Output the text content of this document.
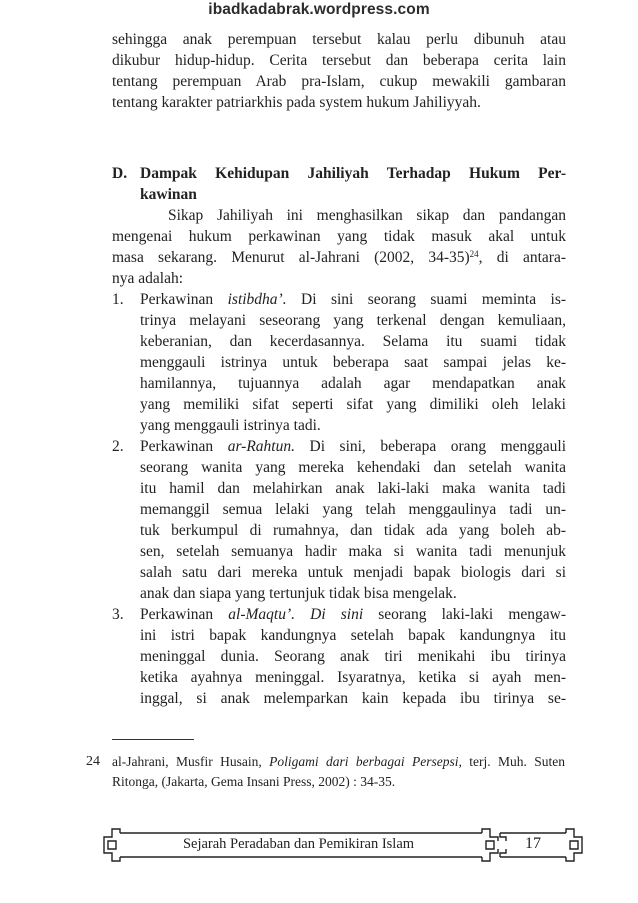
ibadkadabrak.wordpress.com
sehingga anak perempuan tersebut kalau perlu dibunuh atau
dikubur hidup-hidup. Cerita tersebut dan beberapa cerita lain
tentang perempuan Arab pra-Islam, cukup mewakili gambaran
tentang karakter patriarkhis pada system hukum Jahiliyyah.
D. Dampak Kehidupan Jahiliyah Terhadap Hukum Per-
kawinan
Sikap Jahiliyah ini menghasilkan sikap dan pandangan
mengenai hukum perkawinan yang tidak masuk akal untuk
masa sekarang. Menurut al-Jahrani (2002, 34-35)$^{24}$, di antara-
nya adalah:
1. Perkawinan istibdha’. Di sini seorang suami meminta is-
trinya melayani seseorang yang terkenal dengan kemuliaan,
keberanian, dan kecerdasannya. Selama itu suami tidak
menggauli istrinya untuk beberapa saat sampai jelas ke-
hamilannya, tujuannya adalah agar mendapatkan anak
yang memiliki sifat seperti sifat yang dimiliki oleh lelaki
yang menggauli istrinya tadi.
2. Perkawinan ar-Rahtun. Di sini, beberapa orang menggauli
seorang wanita yang mereka kehendaki dan setelah wanita
itu hamil dan melahirkan anak laki-laki maka wanita tadi
memanggil semua lelaki yang telah menggaulinya tadi un-
tuk berkumpul di rumahnya, dan tidak ada yang boleh ab-
sen, setelah semuanya hadir maka si wanita tadi menunjuk
salah satu dari mereka untuk menjadi bapak biologis dari si
anak dan siapa yang tertunjuk tidak bisa mengelak.
3. Perkawinan al-Maqtu’. Di sini seorang laki-laki mengaw-
ini istri bapak kandungnya setelah bapak kandungnya itu
meninggal dunia. Seorang anak tiri menikahi ibu tirinya
ketika ayahnya meninggal. Isyaratnya, ketika si ayah men-
inggal, si anak melemparkan kain kepada ibu tirinya se-
24 al-Jahrani, Musfir Husain, Poligami dari berbagai Persepsi, terj. Muh. Suten
Ritonga, (Jakarta, Gema Insani Press, 2002) : 34-35.
Sejarah Peradaban dan Pemikiran Islam	17
